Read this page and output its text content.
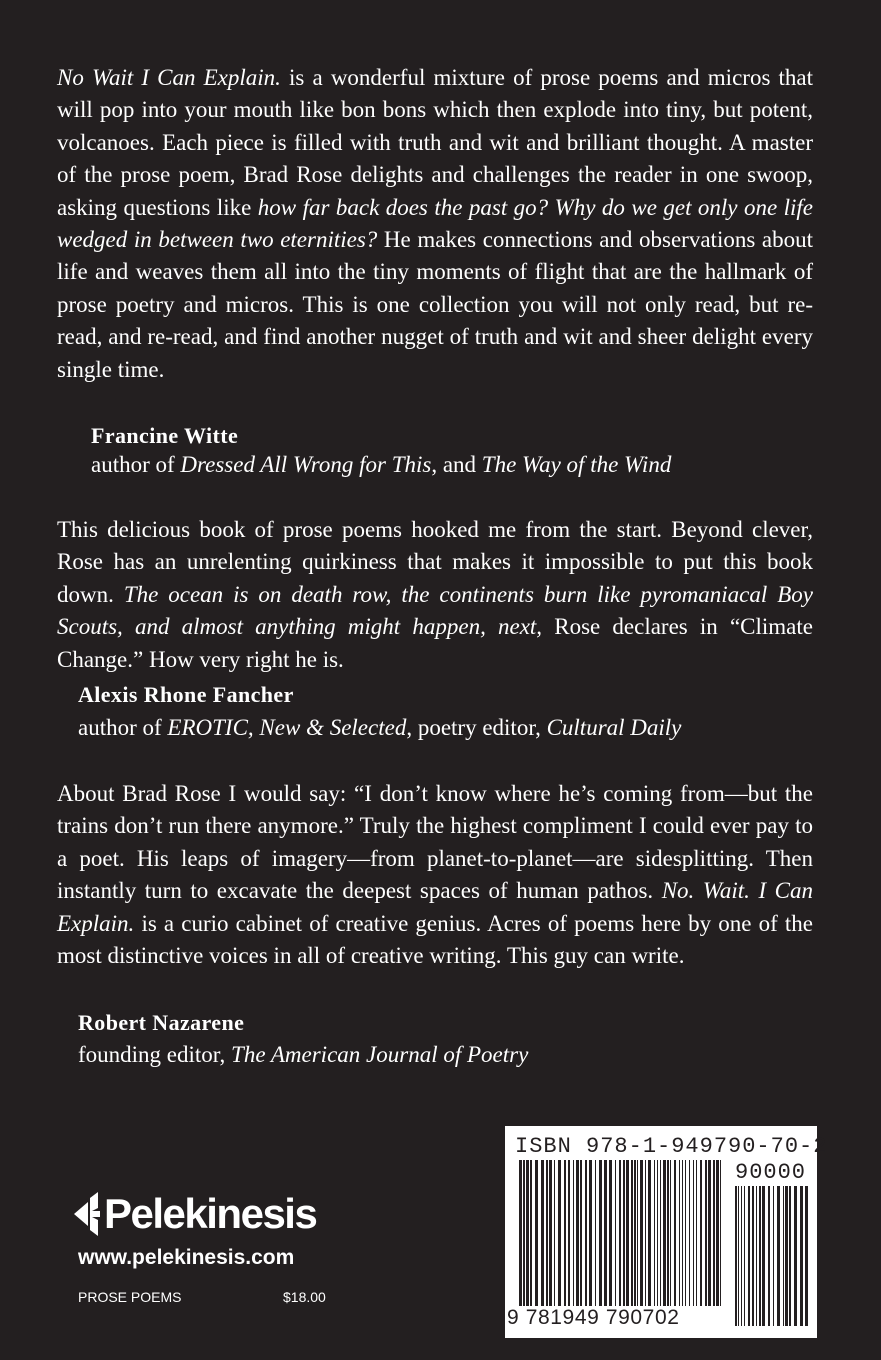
No Wait I Can Explain. is a wonderful mixture of prose poems and micros that will pop into your mouth like bon bons which then explode into tiny, but potent, volcanoes. Each piece is filled with truth and wit and brilliant thought. A master of the prose poem, Brad Rose delights and challenges the reader in one swoop, asking questions like how far back does the past go? Why do we get only one life wedged in between two eternities? He makes connections and observations about life and weaves them all into the tiny moments of flight that are the hallmark of prose poetry and micros. This is one collection you will not only read, but re-read, and re-read, and find another nugget of truth and wit and sheer delight every single time.

Francine Witte

author of Dressed All Wrong for This, and The Way of the Wind

This delicious book of prose poems hooked me from the start. Beyond clever, Rose has an unrelenting quirkiness that makes it impossible to put this book down. The ocean is on death row, the continents burn like pyromaniacal Boy Scouts, and almost anything might happen, next, Rose declares in “Climate Change.” How very right he is.

Alexis Rhone Fancher

author of EROTIC, New & Selected, poetry editor, Cultural Daily

About Brad Rose I would say: “I don’t know where he’s coming from—but the trains don’t run there anymore.” Truly the highest compliment I could ever pay to a poet. His leaps of imagery—from planet-to-planet—are sidesplitting. Then instantly turn to excavate the deepest spaces of human pathos. No. Wait. I Can Explain. is a curio cabinet of creative genius. Acres of poems here by one of the most distinctive voices in all of creative writing. This guy can write.

Robert Nazarene

founding editor, The American Journal of Poetry

ISBN 978-1-949790-70-2
90000
9 781949 790702
Pelekinesis
www.pelekinesis.com
PROSE POEMS	$18.00
